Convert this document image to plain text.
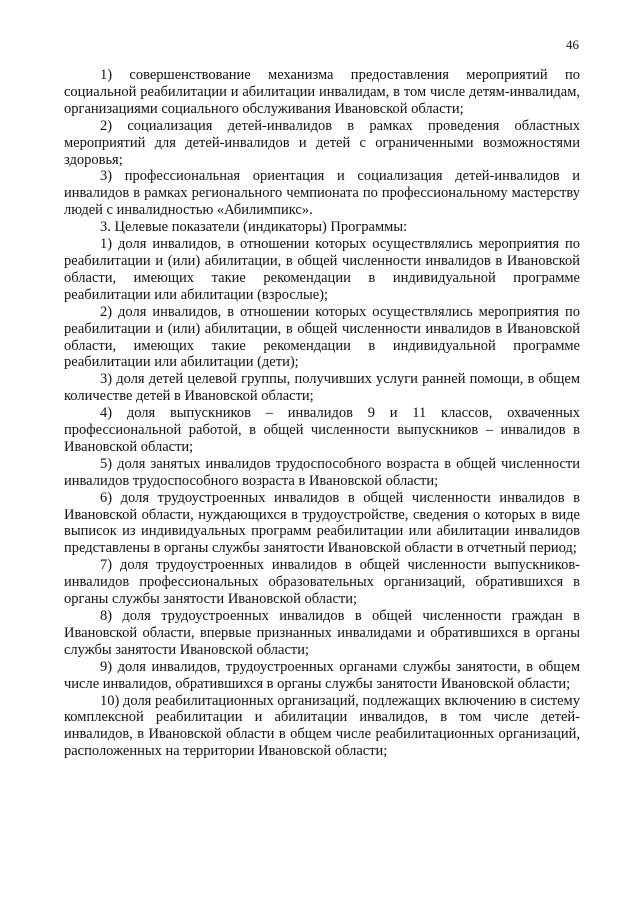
46

1) совершенствование механизма предоставления мероприятий по социальной реабилитации и абилитации инвалидам, в том числе детям-инвалидам, организациями социального обслуживания Ивановской области;

2) социализация детей-инвалидов в рамках проведения областных мероприятий для детей-инвалидов и детей с ограниченными возможностями здоровья;

3) профессиональная ориентация и социализация детей-инвалидов и инвалидов в рамках регионального чемпионата по профессиональному мастерству людей с инвалидностью «Абилимпикс».

3. Целевые показатели (индикаторы) Программы:

1) доля инвалидов, в отношении которых осуществлялись мероприятия по реабилитации и (или) абилитации, в общей численности инвалидов в Ивановской области, имеющих такие рекомендации в индивидуальной программе реабилитации или абилитации (взрослые);

2) доля инвалидов, в отношении которых осуществлялись мероприятия по реабилитации и (или) абилитации, в общей численности инвалидов в Ивановской области, имеющих такие рекомендации в индивидуальной программе реабилитации или абилитации (дети);

3) доля детей целевой группы, получивших услуги ранней помощи, в общем количестве детей в Ивановской области;

4) доля выпускников – инвалидов 9 и 11 классов, охваченных профессиональной работой, в общей численности выпускников – инвалидов в Ивановской области;

5) доля занятых инвалидов трудоспособного возраста в общей численности инвалидов трудоспособного возраста в Ивановской области;

6) доля трудоустроенных инвалидов в общей численности инвалидов в Ивановской области, нуждающихся в трудоустройстве, сведения о которых в виде выписок из индивидуальных программ реабилитации или абилитации инвалидов представлены в органы службы занятости Ивановской области в отчетный период;

7) доля трудоустроенных инвалидов в общей численности выпускников-инвалидов профессиональных образовательных организаций, обратившихся в органы службы занятости Ивановской области;

8) доля трудоустроенных инвалидов в общей численности граждан в Ивановской области, впервые признанных инвалидами и обратившихся в органы службы занятости Ивановской области;

9) доля инвалидов, трудоустроенных органами службы занятости, в общем числе инвалидов, обратившихся в органы службы занятости Ивановской области;

10) доля реабилитационных организаций, подлежащих включению в систему комплексной реабилитации и абилитации инвалидов, в том числе детей-инвалидов, в Ивановской области в общем числе реабилитационных организаций, расположенных на территории Ивановской области;
